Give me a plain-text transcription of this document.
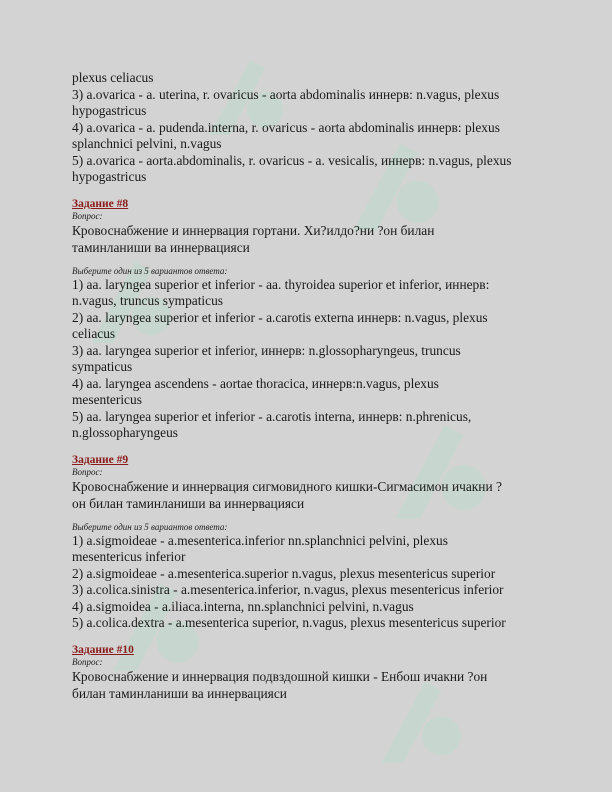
plexus celiacus
3) a.ovarica - a. uterina, r. ovaricus - aorta abdominalis иннерв: n.vagus, plexus
hypogastricus
4) a.ovarica - a. pudenda.interna, r. ovaricus - aorta abdominalis иннерв: plexus
splanchnici pelvini, n.vagus
5) a.ovarica - aorta.abdominalis, r. ovaricus - a. vesicalis, иннерв: n.vagus, plexus
hypogastricus
Задание #8
Вопрос:
Кровоснабжение и иннервация гортани. Хи?илдо?ни ?он билан
таминланиши ва иннервацияси
Выберите один из 5 вариантов ответа:
1) aa. laryngea superior et inferior - aa. thyroidea superior et inferior, иннерв:
n.vagus, truncus sympaticus
2) aa. laryngea superior et inferior - a.carotis externa иннерв: n.vagus, plexus
celiacus
3) aa. laryngea superior et inferior, иннерв: n.glossopharyngeus, truncus
sympaticus
4) aa. laryngea ascendens - aortae thoracica, иннерв:n.vagus, plexus
mesentericus
5) aa. laryngea superior et inferior - a.carotis interna, иннерв: n.phrenicus,
n.glossopharyngeus
Задание #9
Вопрос:
Кровоснабжение и иннервация сигмовидного кишки-Сигмасимон ичакни ?
он билан таминланиши ва иннервацияси
Выберите один из 5 вариантов ответа:
1) a.sigmoideae - a.mesenterica.inferior nn.splanchnici pelvini, plexus
mesentericus inferior
2) a.sigmoideae - a.mesenterica.superior n.vagus, plexus mesentericus superior
3) a.colica.sinistra - a.mesenterica.inferior, n.vagus, plexus mesentericus inferior
4) a.sigmoidea - a.iliaca.interna, nn.splanchnici pelvini, n.vagus
5) a.colica.dextra - a.mesenterica superior, n.vagus, plexus mesentericus superior
Задание #10
Вопрос:
Кровоснабжение и иннервация подвздошной кишки - Енбош ичакни ?он
билан таминланиши ва иннервацияси
